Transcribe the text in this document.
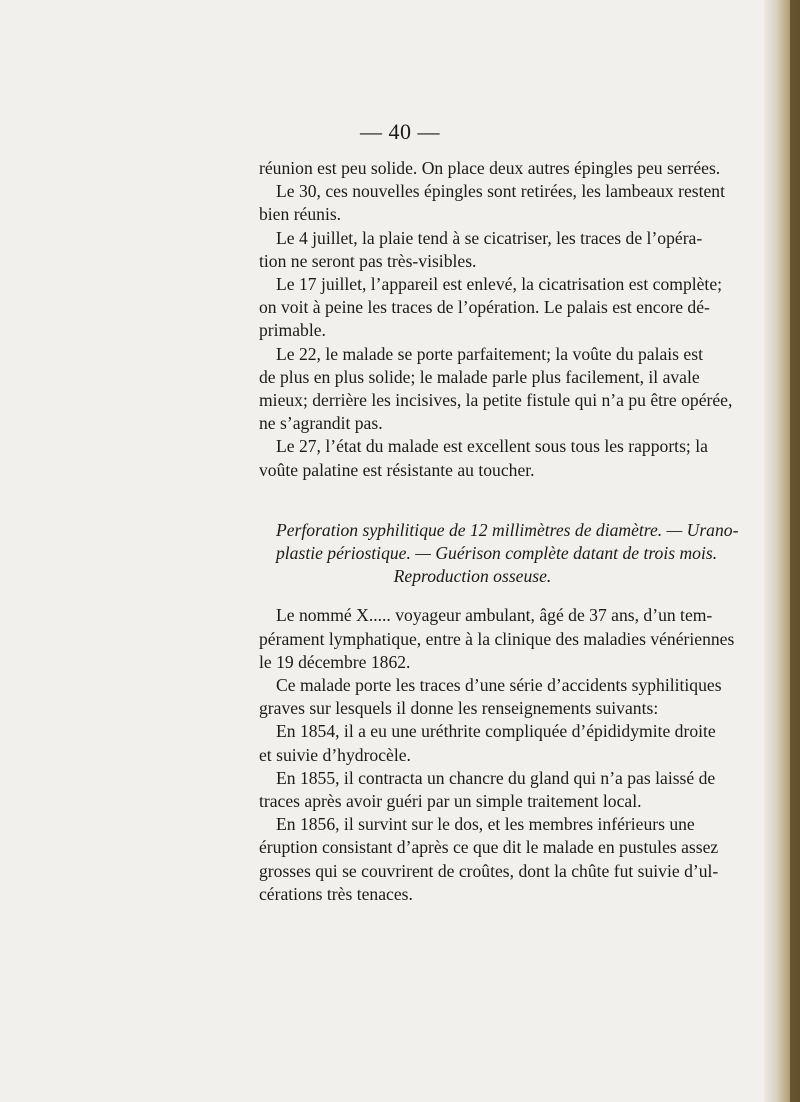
— 40 —
réunion est peu solide. On place deux autres épingles peu serrées.
Le 30, ces nouvelles épingles sont retirées, les lambeaux restent
bien réunis.
Le 4 juillet, la plaie tend à se cicatriser, les traces de l’opéra-
tion ne seront pas très-visibles.
Le 17 juillet, l’appareil est enlevé, la cicatrisation est complète;
on voit à peine les traces de l’opération. Le palais est encore dé-
primable.
Le 22, le malade se porte parfaitement; la voûte du palais est
de plus en plus solide; le malade parle plus facilement, il avale
mieux; derrière les incisives, la petite fistule qui n’a pu être opérée,
ne s’agrandit pas.
Le 27, l’état du malade est excellent sous tous les rapports; la
voûte palatine est résistante au toucher.
Perforation syphilitique de 12 millimètres de diamètre. — Urano-
plastie périostique. — Guérison complète datant de trois mois.
Reproduction osseuse.
Le nommé X..... voyageur ambulant, âgé de 37 ans, d’un tem-
pérament lymphatique, entre à la clinique des maladies vénériennes
le 19 décembre 1862.
Ce malade porte les traces d’une série d’accidents syphilitiques
graves sur lesquels il donne les renseignements suivants:
En 1854, il a eu une uréthrite compliquée d’épididymite droite
et suivie d’hydrocèle.
En 1855, il contracta un chancre du gland qui n’a pas laissé de
traces après avoir guéri par un simple traitement local.
En 1856, il survint sur le dos, et les membres inférieurs une
éruption consistant d’après ce que dit le malade en pustules assez
grosses qui se couvrirent de croûtes, dont la chûte fut suivie d’ul-
cérations très tenaces.
